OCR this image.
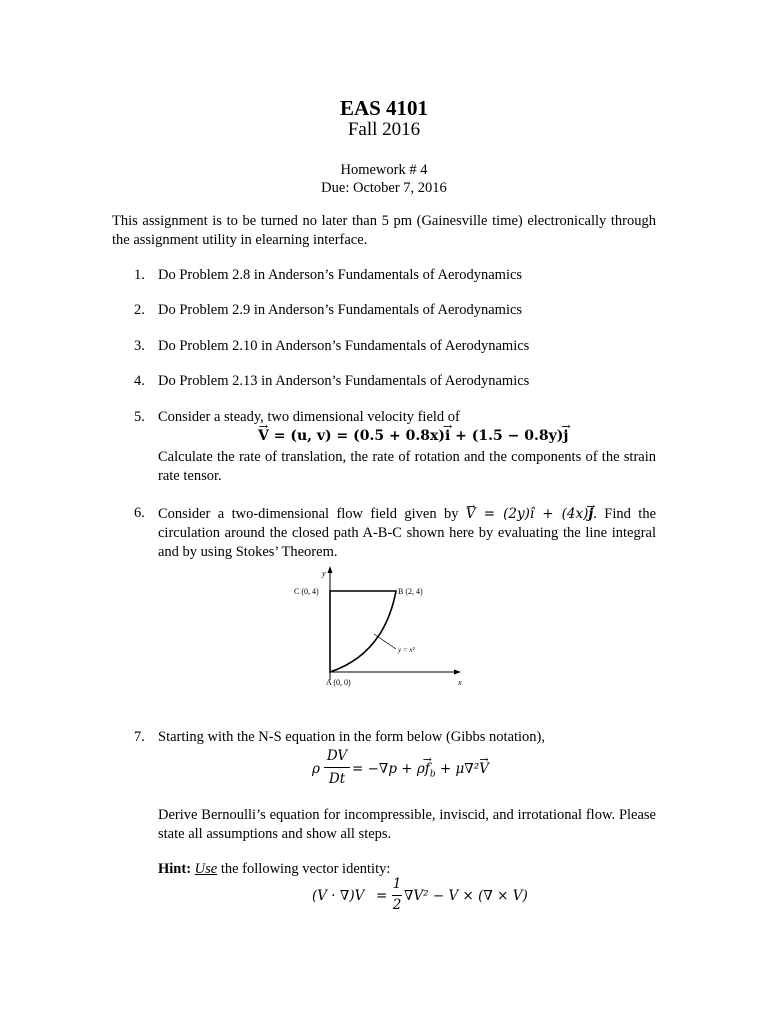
EAS 4101
Fall 2016
Homework # 4
Due: October 7, 2016
This assignment is to be turned no later than 5 pm (Gainesville time) electronically through the assignment utility in elearning interface.
1. Do Problem 2.8 in Anderson’s Fundamentals of Aerodynamics
2. Do Problem 2.9 in Anderson’s Fundamentals of Aerodynamics
3. Do Problem 2.10 in Anderson’s Fundamentals of Aerodynamics
4. Do Problem 2.13 in Anderson’s Fundamentals of Aerodynamics
5. Consider a steady, two dimensional velocity field of
→ V = (u, v) = (0.5 + 0.8x)→ i + (1.5 − 0.8y)→ j
Calculate the rate of translation, the rate of rotation and the components of the strain rate tensor.
6. Consider a two-dimensional flow field given by → V = (2y)î + (4x)→ j. Find the circulation around the closed path A-B-C shown here by evaluating the line integral and by using Stokes’ Theorem.
y
x
C (0, 4)	B (2, 4)
A (0, 0)
y = x²
7. Starting with the N-S equation in the form below (Gibbs notation),
ρ
DV
Dt
= $-\nabla p + \rho\to f_b + \mu\nabla^2\to V$
Derive Bernoulli’s equation for incompressible, inviscid, and irrotational flow. Please state all assumptions and show all steps.
Hint: Use the following vector identity:
(V · ∇)V =
1
2
∇V² − V × (∇ × V)
